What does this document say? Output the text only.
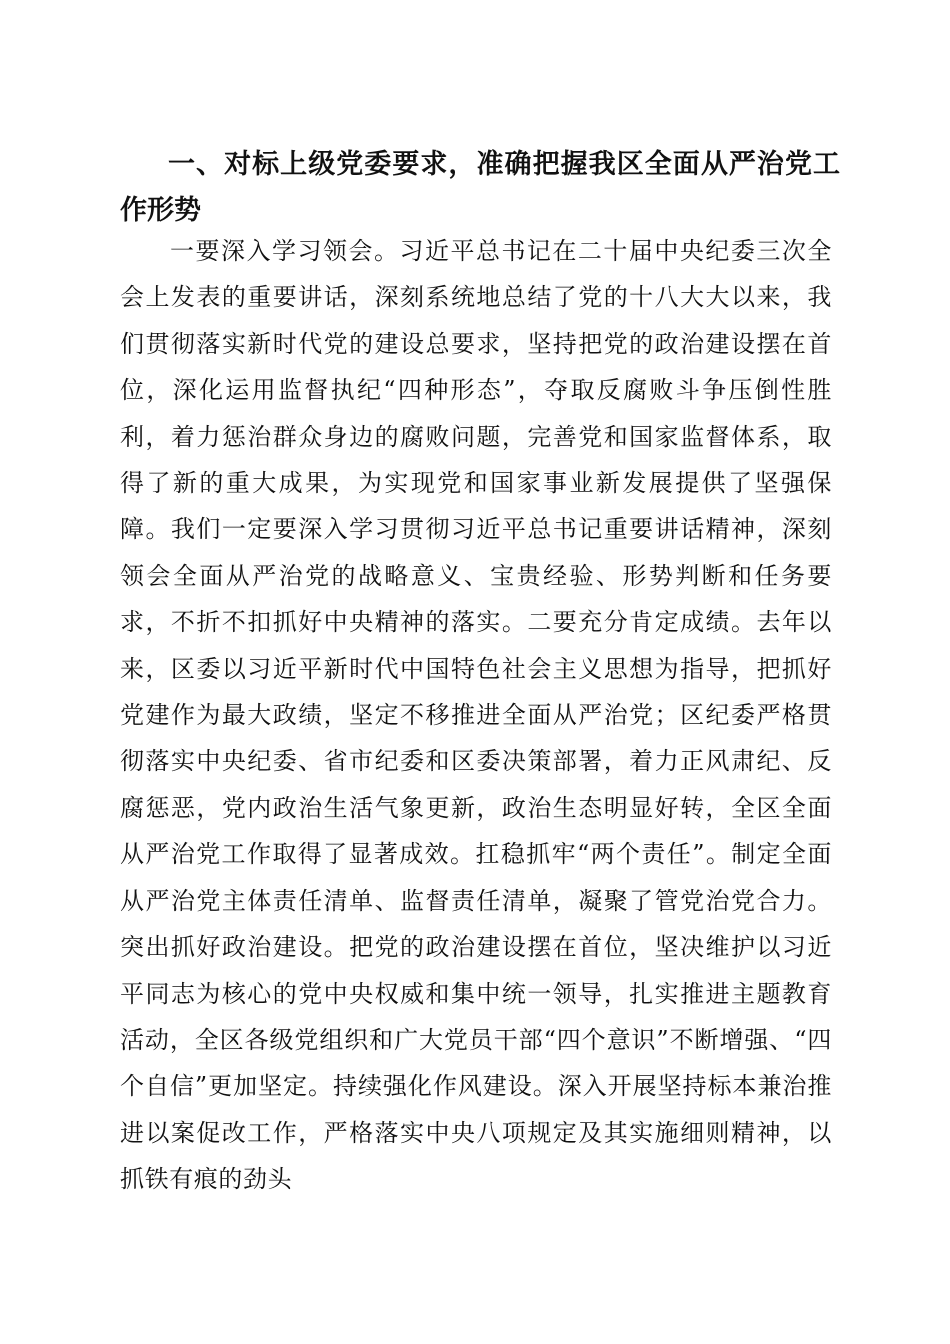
一、对标上级党委要求，准确把握我区全面从严治党工作形势

一要深入学习领会。习近平总书记在二十届中央纪委三次全会上发表的重要讲话，深刻系统地总结了党的十八大大以来，我们贯彻落实新时代党的建设总要求，坚持把党的政治建设摆在首位，深化运用监督执纪“四种形态”，夺取反腐败斗争压倒性胜利，着力惩治群众身边的腐败问题，完善党和国家监督体系，取得了新的重大成果，为实现党和国家事业新发展提供了坚强保障。我们一定要深入学习贯彻习近平总书记重要讲话精神，深刻领会全面从严治党的战略意义、宝贵经验、形势判断和任务要求，不折不扣抓好中央精神的落实。二要充分肯定成绩。去年以来，区委以习近平新时代中国特色社会主义思想为指导，把抓好党建作为最大政绩，坚定不移推进全面从严治党；区纪委严格贯彻落实中央纪委、省市纪委和区委决策部署，着力正风肃纪、反腐惩恶，党内政治生活气象更新，政治生态明显好转，全区全面从严治党工作取得了显著成效。扛稳抓牢“两个责任”。制定全面从严治党主体责任清单、监督责任清单，凝聚了管党治党合力。突出抓好政治建设。把党的政治建设摆在首位，坚决维护以习近平同志为核心的党中央权威和集中统一领导，扎实推进主题教育活动，全区各级党组织和广大党员干部“四个意识”不断增强、“四个自信”更加坚定。持续强化作风建设。深入开展坚持标本兼治推进以案促改工作，严格落实中央八项规定及其实施细则精神，以抓铁有痕的劲头
